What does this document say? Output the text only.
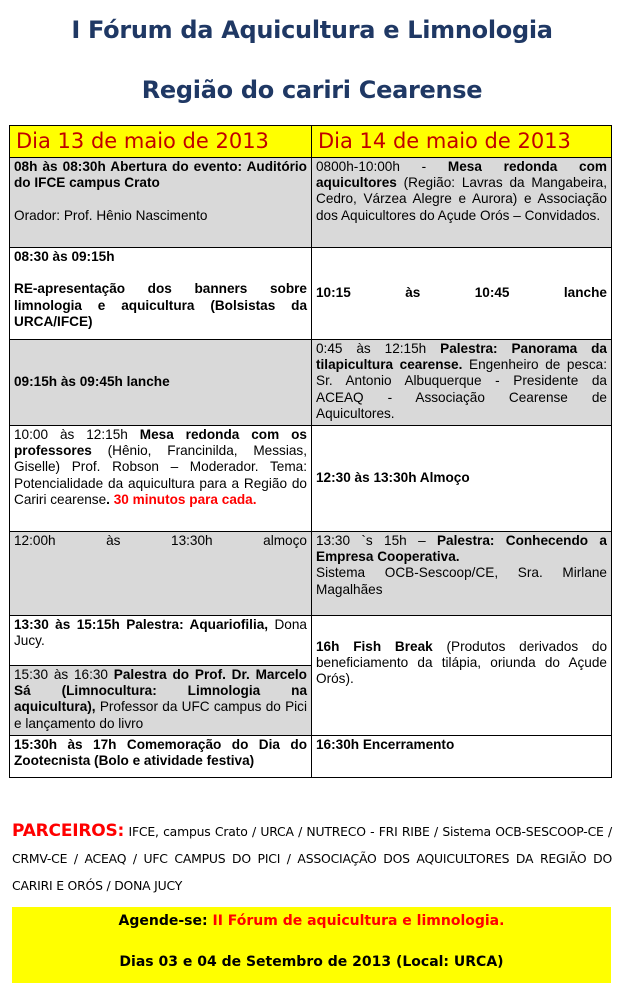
I Fórum da Aquicultura e Limnologia
Região do cariri Cearense
Dia 13 de maio de 2013	Dia 14 de maio de 2013
08h às 08:30h Abertura do evento: Auditório do IFCE campus Crato

Orador: Prof. Hênio Nascimento	0800h-10:00h - Mesa redonda com aquicultores (Região: Lavras da Mangabeira, Cedro, Várzea Alegre e Aurora) e Associação dos Aquicultores do Açude Orós – Convidados.
08:30 às 09:15h

RE-apresentação dos banners sobre limnologia e aquicultura (Bolsistas da URCA/IFCE)	10:15 às 10:45 lanche

09:15h às 09:45h lanche	0:45 às 12:15h Palestra: Panorama da tilapicultura cearense. Engenheiro de pesca: Sr. Antonio Albuquerque - Presidente da ACEAQ - Associação Cearense de Aquicultores.
10:00 às 12:15h Mesa redonda com os professores (Hênio, Francinilda, Messias, Giselle) Prof. Robson – Moderador. Tema: Potencialidade da aquicultura para a Região do Cariri cearense. 30 minutos para cada.	12:30 às 13:30h Almoço

12:00h às 13:30h almoço	13:30 `s 15h – Palestra: Conhecendo a Empresa Cooperativa.
Sistema OCB-Sescoop/CE, Sra. Mirlane Magalhães
13:30 às 15:15h Palestra: Aquariofilia, Dona Jucy.	16h Fish Break (Produtos derivados do beneficiamento da tilápia, oriunda do Açude Orós).
15:30 às 16:30 Palestra do Prof. Dr. Marcelo Sá (Limnocultura: Limnologia na aquicultura), Professor da UFC campus do Pici e lançamento do livro	
15:30h às 17h Comemoração do Dia do Zootecnista (Bolo e atividade festiva)	16:30h Encerramento
PARCEIROS: IFCE, campus Crato / URCA / NUTRECO - FRI RIBE / Sistema OCB-SESCOOP-CE / CRMV-CE / ACEAQ / UFC CAMPUS DO PICI / ASSOCIAÇÃO DOS AQUICULTORES DA REGIÃO DO CARIRI E ORÓS / DONA JUCY
Agende-se: II Fórum de aquicultura e limnologia.
Dias 03 e 04 de Setembro de 2013 (Local: URCA)
